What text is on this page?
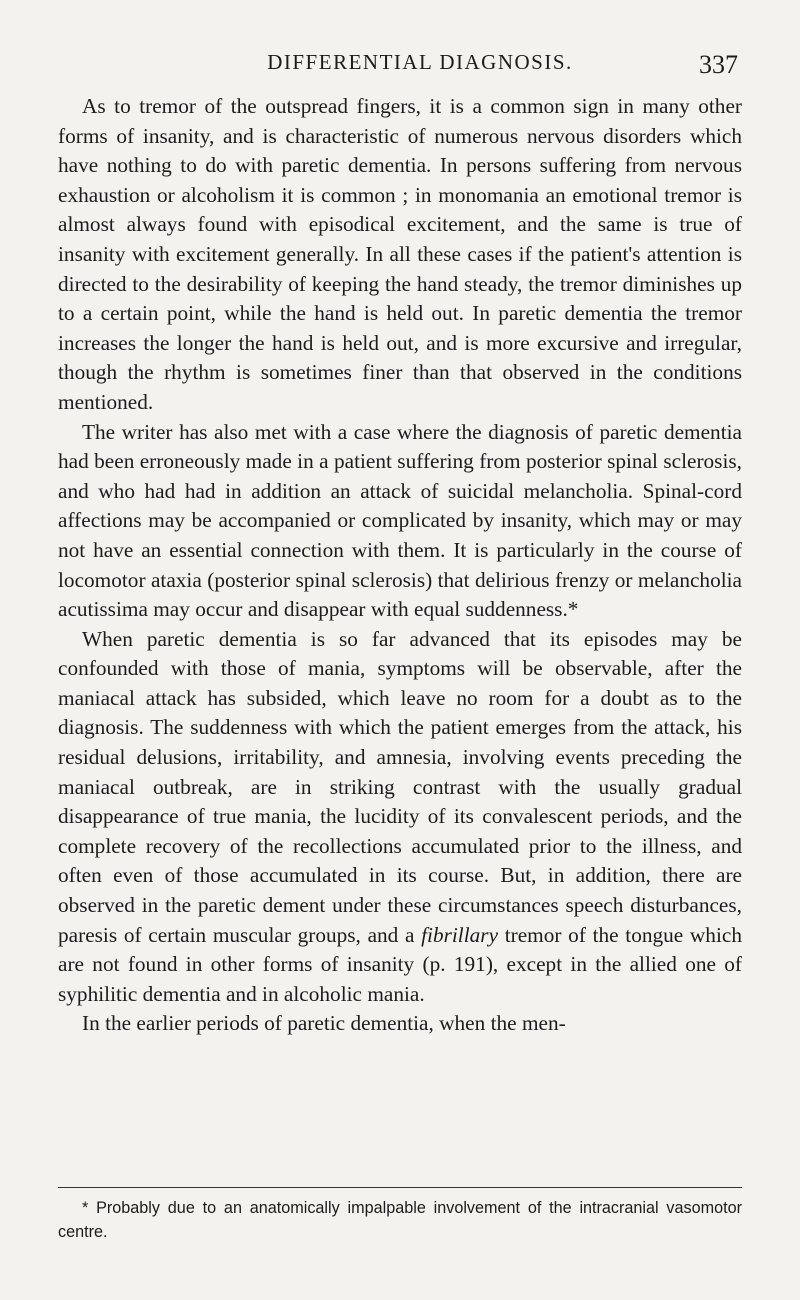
DIFFERENTIAL DIAGNOSIS.	337

As to tremor of the outspread fingers, it is a common sign in many other forms of insanity, and is characteristic of numerous nervous disorders which have nothing to do with paretic dementia. In persons suffering from nervous exhaustion or alcoholism it is common ; in monomania an emotional tremor is almost always found with episodical excitement, and the same is true of insanity with excitement generally. In all these cases if the patient's attention is directed to the desirability of keeping the hand steady, the tremor diminishes up to a certain point, while the hand is held out. In paretic dementia the tremor increases the longer the hand is held out, and is more excursive and irregular, though the rhythm is sometimes finer than that observed in the conditions mentioned.

The writer has also met with a case where the diagnosis of paretic dementia had been erroneously made in a patient suffering from posterior spinal sclerosis, and who had had in addition an attack of suicidal melancholia. Spinal-cord affections may be accompanied or complicated by insanity, which may or may not have an essential connection with them. It is particularly in the course of locomotor ataxia (posterior spinal sclerosis) that delirious frenzy or melancholia acutissima may occur and disappear with equal suddenness.*

When paretic dementia is so far advanced that its episodes may be confounded with those of mania, symptoms will be observable, after the maniacal attack has subsided, which leave no room for a doubt as to the diagnosis. The suddenness with which the patient emerges from the attack, his residual delusions, irritability, and amnesia, involving events preceding the maniacal outbreak, are in striking contrast with the usually gradual disappearance of true mania, the lucidity of its convalescent periods, and the complete recovery of the recollections accumulated prior to the illness, and often even of those accumulated in its course. But, in addition, there are observed in the paretic dement under these circumstances speech disturbances, paresis of certain muscular groups, and a fibrillary tremor of the tongue which are not found in other forms of insanity (p. 191), except in the allied one of syphilitic dementia and in alcoholic mania.

In the earlier periods of paretic dementia, when the men-

* Probably due to an anatomically impalpable involvement of the intracranial vasomotor centre.
